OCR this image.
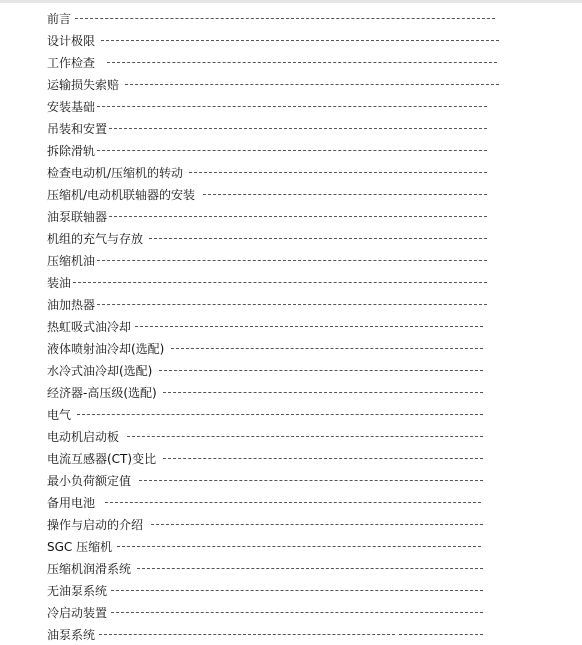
前言
设计极限
工作检查
运输损失索赔
安装基础
吊装和安置
拆除滑轨
检查电动机/压缩机的转动
压缩机/电动机联轴器的安装
油泵联轴器
机组的充气与存放
压缩机油
装油
油加热器
热虹吸式油冷却
液体喷射油冷却(选配)
水冷式油冷却(选配)
经济器-高压级(选配)
电气
电动机启动板
电流互感器(CT)变比
最小负荷额定值
备用电池
操作与启动的介绍
SGC 压缩机
压缩机润滑系统
无油泵系统
冷启动装置
油泵系统
